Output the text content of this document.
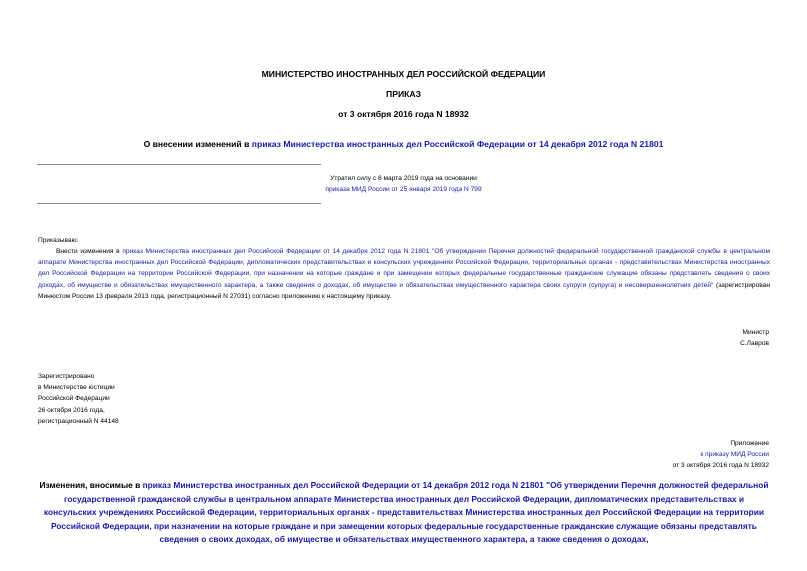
МИНИСТЕРСТВО ИНОСТРАННЫХ ДЕЛ РОССИЙСКОЙ ФЕДЕРАЦИИ
ПРИКАЗ
от 3 октября 2016 года N 18932
О внесении изменений в приказ Министерства иностранных дел Российской Федерации от 14 декабря 2012 года N 21801
Утратил силу с 8 марта 2019 года на основании
приказа МИД России от 25 января 2019 года N 799
Приказываю:
Внести изменения в приказ Министерства иностранных дел Российской Федерации от 14 декабря 2012 года N 21801 "Об утверждении Перечня должностей федеральной государственной гражданской службы в центральном аппарате Министерства иностранных дел Российской Федерации, дипломатических представительствах и консульских учреждениях Российской Федерации, территориальных органах - представительствах Министерства иностранных дел Российской Федерации на территории Российской Федерации, при назначении на которые граждане и при замещении которых федеральные государственные гражданские служащие обязаны представлять сведения о своих доходах, об имуществе и обязательствах имущественного характера, а также сведения о доходах, об имуществе и обязательствах имущественного характера своих супруги (супруга) и несовершеннолетних детей" (зарегистрирован Минюстом России 13 февраля 2013 года, регистрационный N 27031) согласно приложению к настоящему приказу.
Министр
С.Лавров
Зарегистрировано
в Министерстве юстиции
Российской Федерации
26 октября 2016 года,
регистрационный N 44148
Приложение
к приказу МИД России
от 3 октября 2016 года N 18932
Изменения, вносимые в приказ Министерства иностранных дел Российской Федерации от 14 декабря 2012 года N 21801 "Об утверждении Перечня должностей федеральной государственной гражданской службы в центральном аппарате Министерства иностранных дел Российской Федерации, дипломатических представительствах и консульских учреждениях Российской Федерации, территориальных органах - представительствах Министерства иностранных дел Российской Федерации на территории Российской Федерации, при назначении на которые граждане и при замещении которых федеральные государственные гражданские служащие обязаны представлять сведения о своих доходах, об имуществе и обязательствах имущественного характера, а также сведения о доходах,
